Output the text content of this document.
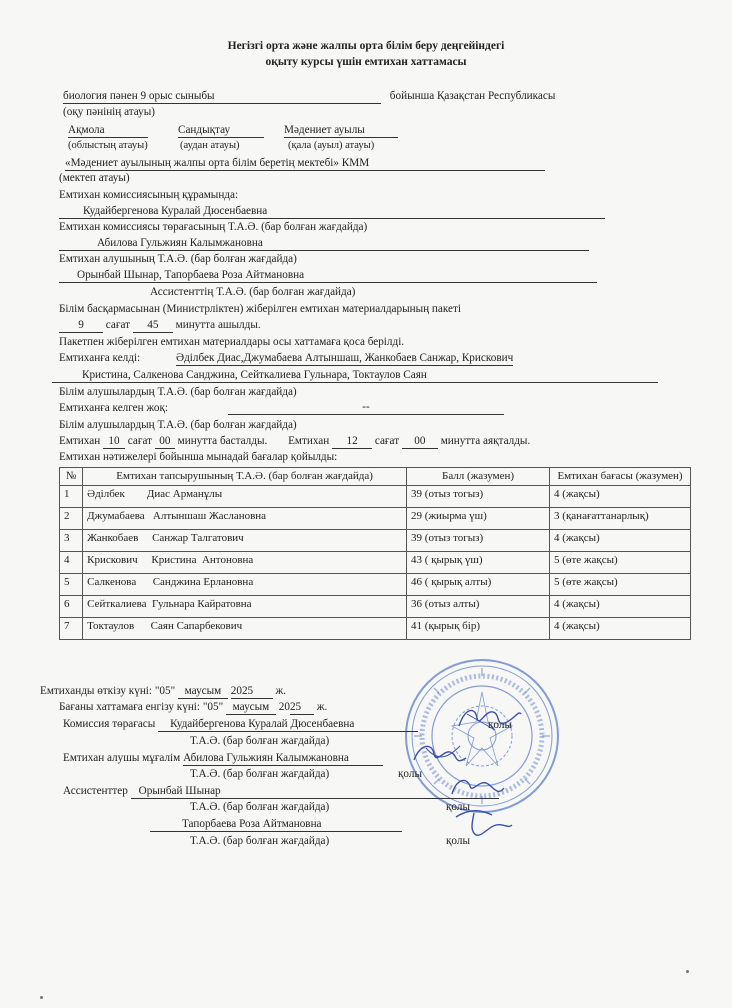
Негізгі орта және жалпы орта білім беру деңгейіндегі
оқыту курсы үшін емтихан хаттамасы
биология пәнен 9 орыс сыныбы	бойынша Қазақстан Республикасы
(оқу пәнінің атауы)
Ақмола	Сандықтау	Мәдениет ауылы
(облыстың атауы)	(аудан атауы)	(қала (ауыл) атауы)
«Мәдениет ауылының жалпы орта білім беретің мектебі» КММ
(мектеп атауы)
Емтихан комиссиясының құрамында:
Кудайбергенова Куралай Дюсенбаевна
Емтихан комиссиясы төрағасының Т.А.Ә. (бар болған жағдайда)
Абилова Гульжиян Калымжановна
Емтихан алушының Т.А.Ә. (бар болған жағдайда)
Орынбай Шынар, Тапорбаева Роза Айтмановна
Ассистенттің Т.А.Ә. (бар болған жағдайда)
Білім басқармасынан (Министрліктен) жіберілген емтихан материалдарының пакеті
9 сағат 45 минутта ашылды.
Пакетпен жіберілген емтихан материалдары осы хаттамаға қоса берілді.
Емтиханға келді:	Әділбек Диас,Джумабаева Алтыншаш, Жанкобаев Санжар, Крискович
Кристина, Салкенова Санджина, Сейткалиева Гульнара, Токтаулов Саян
Білім алушылардың Т.А.Ә. (бар болған жағдайда)
Емтиханға келген жоқ:	--
Білім алушылардың Т.А.Ә. (бар болған жағдайда)
Емтихан 10 сағат 00 минутта басталды. Емтихан 12 сағат 00 минутта аяқталды.
Емтихан нәтижелері бойынша мынадай бағалар қойылды:
№	Емтихан тапсырушының Т.А.Ә. (бар болған жағдайда)	Балл (жазумен)	Емтихан бағасы (жазумен)
1	Әділбек        Диас Арманұлы	39 (отыз тогыз)	4 (жақсы)
2	Джумабаева   Алтыншаш Жаслановна	29 (жиырма үш)	3 (қанағаттанарлық)
3	Жанкобаев     Санжар Талгатович	39 (отыз тогыз)	4 (жақсы)
4	Крискович     Кристина  Антоновна	43 ( қырық үш)	5 (өте жақсы)
5	Салкенова      Санджина Ерлановна	46 ( қырық алты)	5 (өте жақсы)
6	Сейткалиева  Гульнара Кайратовна	36 (отыз алты)	4 (жақсы)
7	Токтаулов      Саян Сапарбекович	41 (қырық бір)	4 (жақсы)
Емтиханды өткізу күні: "05" маусым 2025 ж.
Бағаны хаттамаға енгізу күні: "05" маусым 2025 ж.
Комиссия төрағасы Кудайбергенова Куралай Дюсенбаевна	қолы
Т.А.Ә. (бар болған жағдайда)
Емтихан алушы мұғалім Абилова Гульжиян Калымжановна
Т.А.Ә. (бар болған жағдайда)	қолы
Ассистенттер Орынбай Шынар
Т.А.Ә. (бар болған жағдайда)	қолы
Тапорбаева Роза Айтмановна
Т.А.Ә. (бар болған жағдайда)	қолы
